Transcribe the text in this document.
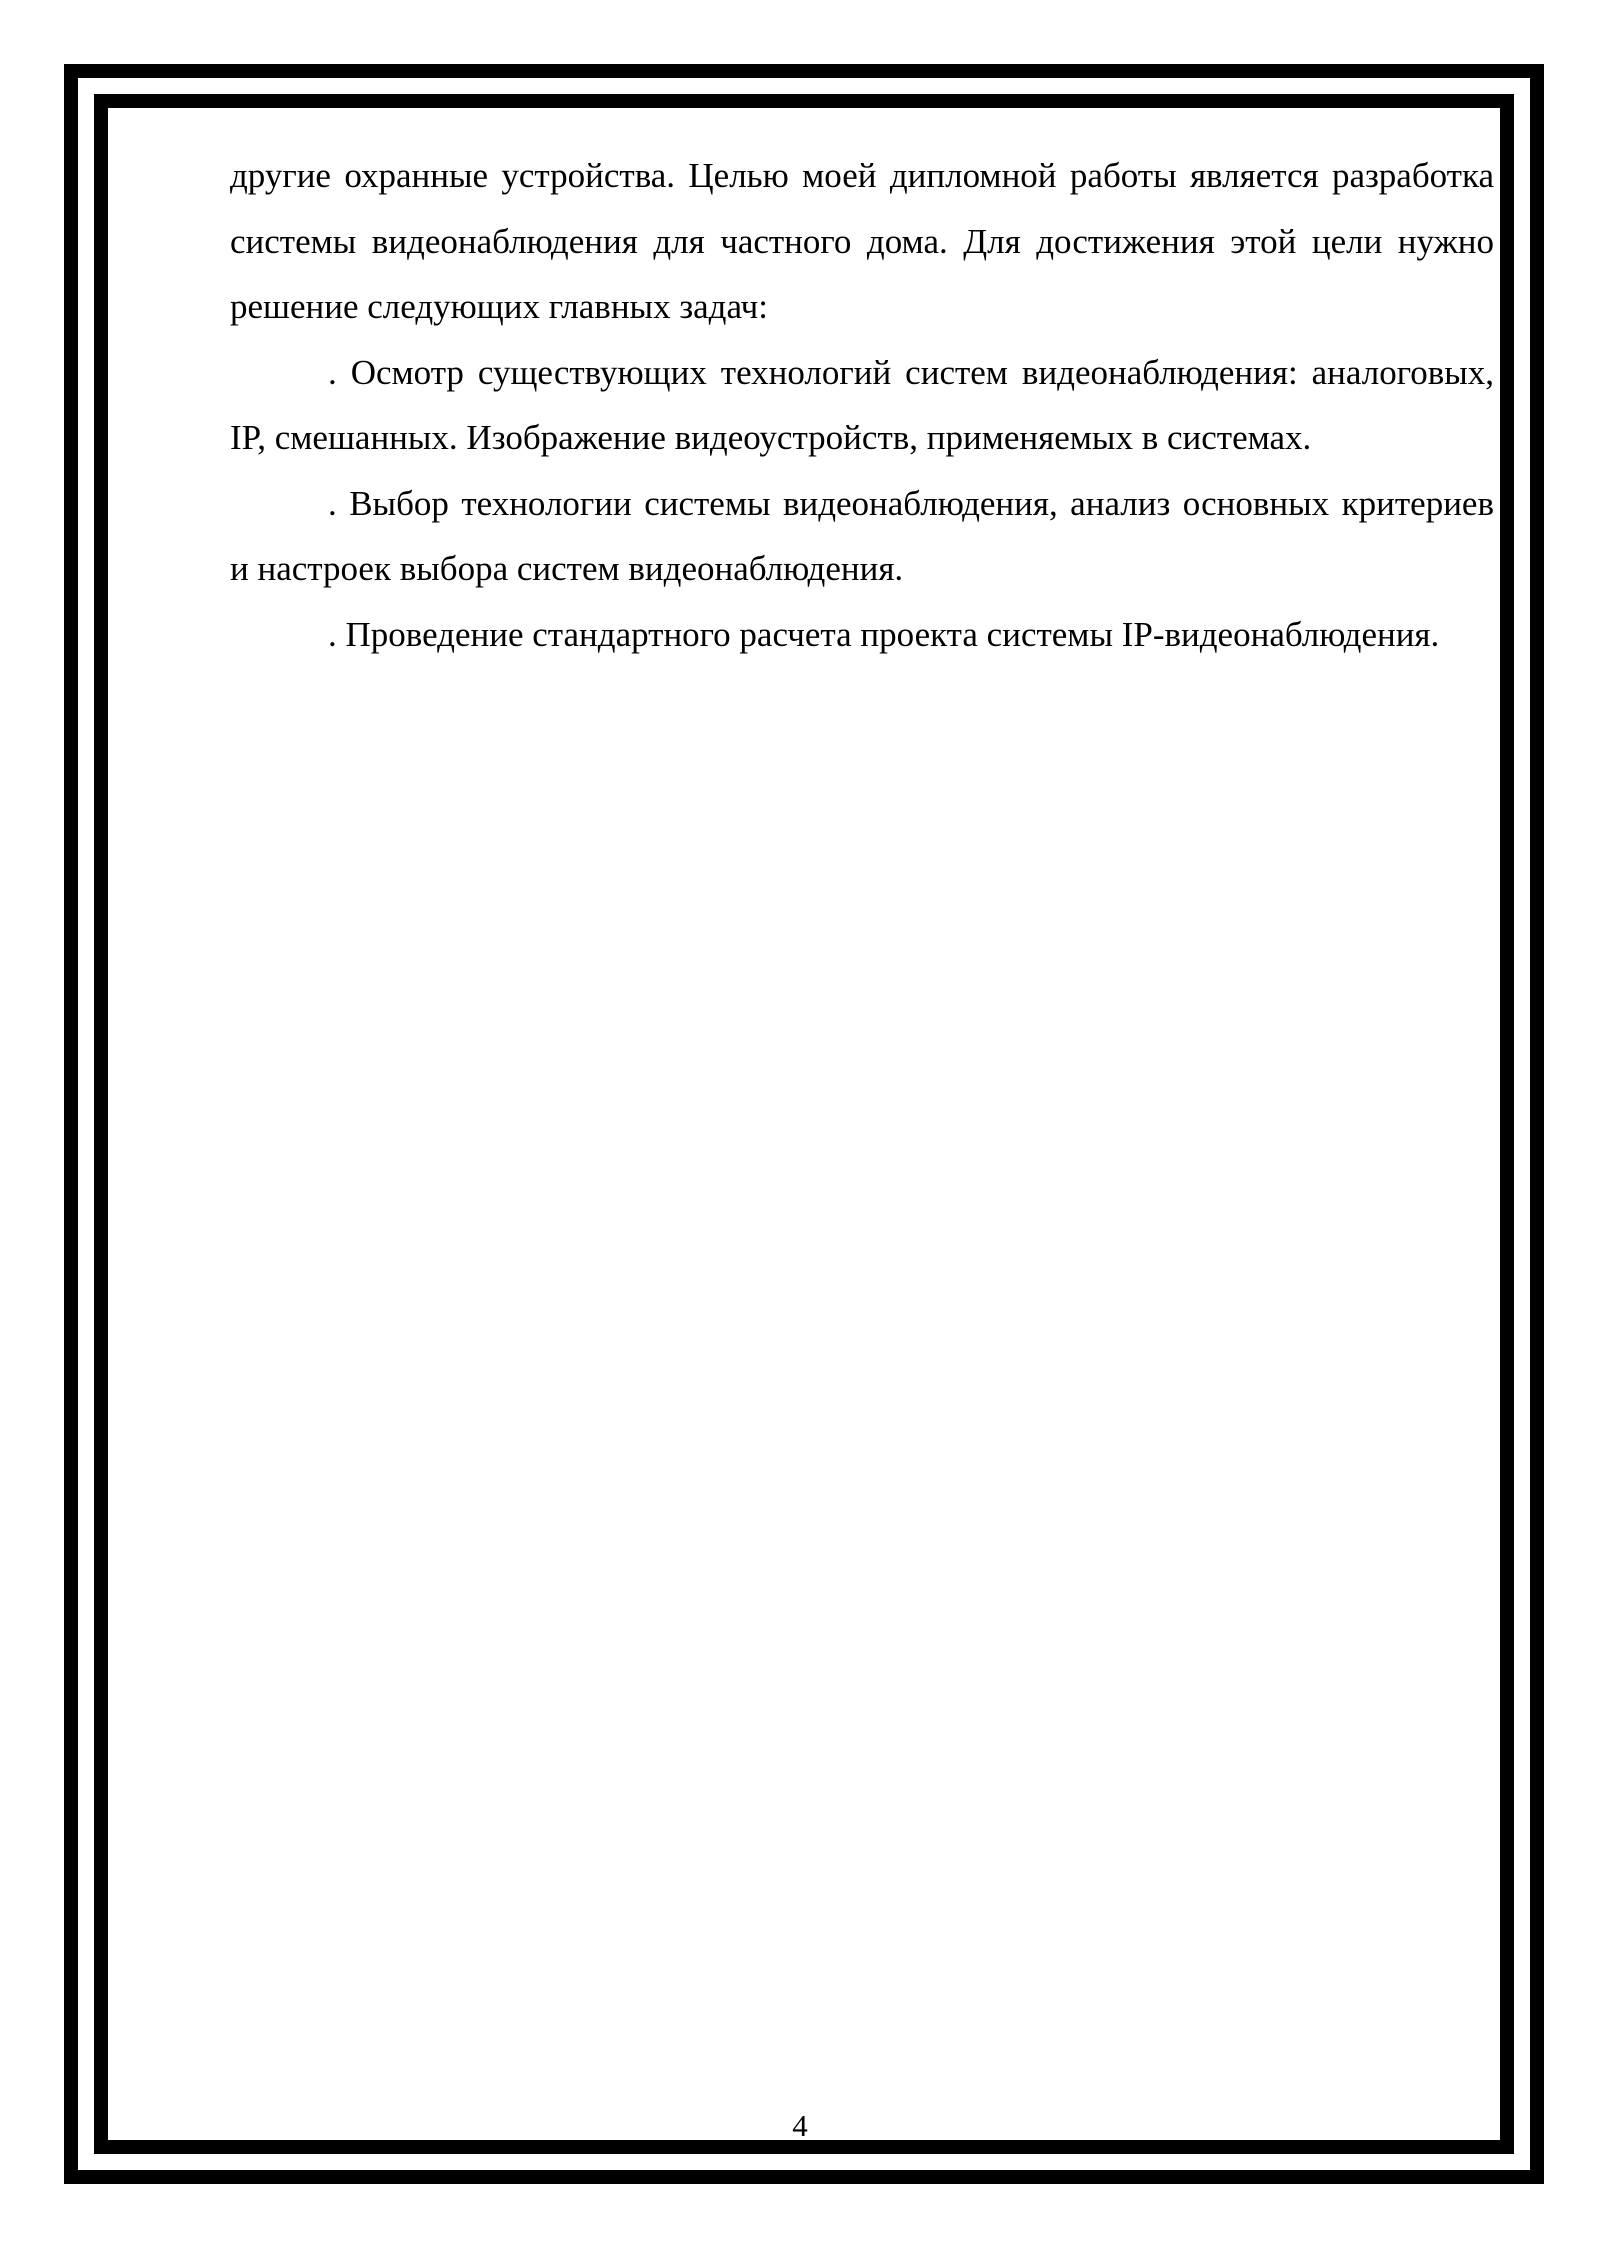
другие охранные устройства. Целью моей дипломной работы является разработка системы видеонаблюдения для частного дома. Для достижения этой цели нужно решение следующих главных задач:

. Осмотр существующих технологий систем видеонаблюдения: аналоговых, IP, смешанных. Изображение видеоустройств, применяемых в системах.

. Выбор технологии системы видеонаблюдения, анализ основных критериев и настроек выбора систем видеонаблюдения.

. Проведение стандартного расчета проекта системы IP-видеонаблюдения.

4
